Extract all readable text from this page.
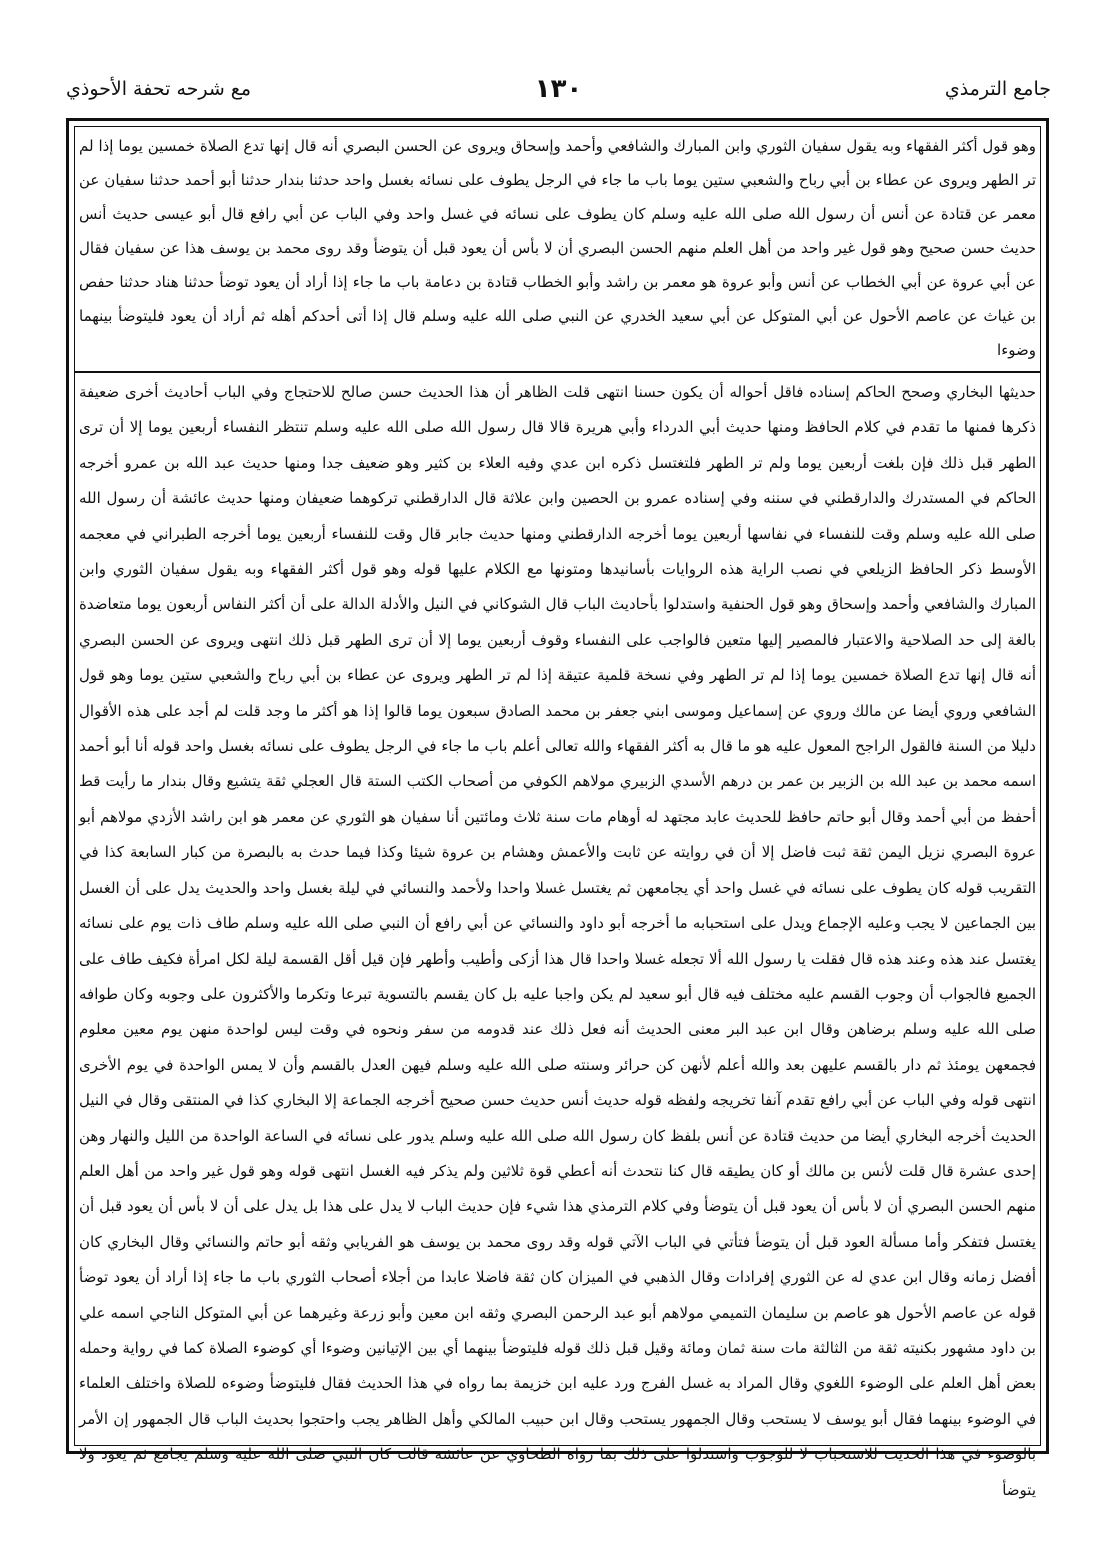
مع شرحه تحفة الأحوذي	١٣٠	جامع الترمذي

وهو قول أكثر الفقهاء وبه يقول سفيان الثوري وابن المبارك والشافعي وأحمد وإسحاق ويروى عن الحسن البصري أنه قال إنها تدع الصلاة خمسين يوما إذا لم تر الطهر ويروى عن عطاء بن أبي رباح والشعبي ستين يوما باب ما جاء في الرجل يطوف على نسائه بغسل واحد حدثنا بندار حدثنا أبو أحمد حدثنا سفيان عن معمر عن قتادة عن أنس أن رسول الله صلى الله عليه وسلم كان يطوف على نسائه في غسل واحد وفي الباب عن أبي رافع قال أبو عيسى حديث أنس حديث حسن صحيح وهو قول غير واحد من أهل العلم منهم الحسن البصري أن لا بأس أن يعود قبل أن يتوضأ وقد روى محمد بن يوسف هذا عن سفيان فقال عن أبي عروة عن أبي الخطاب عن أنس وأبو عروة هو معمر بن راشد وأبو الخطاب قتادة بن دعامة باب ما جاء إذا أراد أن يعود توضأ حدثنا هناد حدثنا حفص بن غياث عن عاصم الأحول عن أبي المتوكل عن أبي سعيد الخدري عن النبي صلى الله عليه وسلم قال إذا أتى أحدكم أهله ثم أراد أن يعود فليتوضأ بينهما وضوءا

حديثها البخاري وصحح الحاكم إسناده فاقل أحواله أن يكون حسنا انتهى قلت الظاهر أن هذا الحديث حسن صالح للاحتجاج وفي الباب أحاديث أخرى ضعيفة ذكرها فمنها ما تقدم في كلام الحافظ ومنها حديث أبي الدرداء وأبي هريرة قالا قال رسول الله صلى الله عليه وسلم تنتظر النفساء أربعين يوما إلا أن ترى الطهر قبل ذلك فإن بلغت أربعين يوما ولم تر الطهر فلتغتسل ذكره ابن عدي وفيه العلاء بن كثير وهو ضعيف جدا ومنها حديث عبد الله بن عمرو أخرجه الحاكم في المستدرك والدارقطني في سننه وفي إسناده عمرو بن الحصين وابن علاثة قال الدارقطني تركوهما ضعيفان ومنها حديث عائشة أن رسول الله صلى الله عليه وسلم وقت للنفساء في نفاسها أربعين يوما أخرجه الدارقطني ومنها حديث جابر قال وقت للنفساء أربعين يوما أخرجه الطبراني في معجمه الأوسط ذكر الحافظ الزيلعي في نصب الراية هذه الروايات بأسانيدها ومتونها مع الكلام عليها قوله وهو قول أكثر الفقهاء وبه يقول سفيان الثوري وابن المبارك والشافعي وأحمد وإسحاق وهو قول الحنفية واستدلوا بأحاديث الباب قال الشوكاني في النيل والأدلة الدالة على أن أكثر النفاس أربعون يوما متعاضدة بالغة إلى حد الصلاحية والاعتبار فالمصير إليها متعين فالواجب على النفساء وقوف أربعين يوما إلا أن ترى الطهر قبل ذلك انتهى ويروى عن الحسن البصري أنه قال إنها تدع الصلاة خمسين يوما إذا لم تر الطهر وفي نسخة قلمية عتيقة إذا لم تر الطهر ويروى عن عطاء بن أبي رباح والشعبي ستين يوما وهو قول الشافعي وروي أيضا عن مالك وروي عن إسماعيل وموسى ابني جعفر بن محمد الصادق سبعون يوما قالوا إذا هو أكثر ما وجد قلت لم أجد على هذه الأقوال دليلا من السنة فالقول الراجح المعول عليه هو ما قال به أكثر الفقهاء والله تعالى أعلم باب ما جاء في الرجل يطوف على نسائه بغسل واحد قوله أنا أبو أحمد اسمه محمد بن عبد الله بن الزبير بن عمر بن درهم الأسدي الزبيري مولاهم الكوفي من أصحاب الكتب الستة قال العجلي ثقة يتشيع وقال بندار ما رأيت قط أحفظ من أبي أحمد وقال أبو حاتم حافظ للحديث عابد مجتهد له أوهام مات سنة ثلاث ومائتين أنا سفيان هو الثوري عن معمر هو ابن راشد الأزدي مولاهم أبو عروة البصري نزيل اليمن ثقة ثبت فاضل إلا أن في روايته عن ثابت والأعمش وهشام بن عروة شيئا وكذا فيما حدث به بالبصرة من كبار السابعة كذا في التقريب قوله كان يطوف على نسائه في غسل واحد أي يجامعهن ثم يغتسل غسلا واحدا ولأحمد والنسائي في ليلة بغسل واحد والحديث يدل على أن الغسل بين الجماعين لا يجب وعليه الإجماع ويدل على استحبابه ما أخرجه أبو داود والنسائي عن أبي رافع أن النبي صلى الله عليه وسلم طاف ذات يوم على نسائه يغتسل عند هذه وعند هذه قال فقلت يا رسول الله ألا تجعله غسلا واحدا قال هذا أزكى وأطيب وأطهر فإن قيل أقل القسمة ليلة لكل امرأة فكيف طاف على الجميع فالجواب أن وجوب القسم عليه مختلف فيه قال أبو سعيد لم يكن واجبا عليه بل كان يقسم بالتسوية تبرعا وتكرما والأكثرون على وجوبه وكان طوافه صلى الله عليه وسلم برضاهن وقال ابن عبد البر معنى الحديث أنه فعل ذلك عند قدومه من سفر ونحوه في وقت ليس لواحدة منهن يوم معين معلوم فجمعهن يومئذ ثم دار بالقسم عليهن بعد والله أعلم لأنهن كن حرائر وسنته صلى الله عليه وسلم فيهن العدل بالقسم وأن لا يمس الواحدة في يوم الأخرى انتهى قوله وفي الباب عن أبي رافع تقدم آنفا تخريجه ولفظه قوله حديث أنس حديث حسن صحيح أخرجه الجماعة إلا البخاري كذا في المنتقى وقال في النيل الحديث أخرجه البخاري أيضا من حديث قتادة عن أنس بلفظ كان رسول الله صلى الله عليه وسلم يدور على نسائه في الساعة الواحدة من الليل والنهار وهن إحدى عشرة قال قلت لأنس بن مالك أو كان يطيقه قال كنا نتحدث أنه أعطي قوة ثلاثين ولم يذكر فيه الغسل انتهى قوله وهو قول غير واحد من أهل العلم منهم الحسن البصري أن لا بأس أن يعود قبل أن يتوضأ وفي كلام الترمذي هذا شيء فإن حديث الباب لا يدل على هذا بل يدل على أن لا بأس أن يعود قبل أن يغتسل فتفكر وأما مسألة العود قبل أن يتوضأ فتأتي في الباب الآتي قوله وقد روى محمد بن يوسف هو الفريابي وثقه أبو حاتم والنسائي وقال البخاري كان أفضل زمانه وقال ابن عدي له عن الثوري إفرادات وقال الذهبي في الميزان كان ثقة فاضلا عابدا من أجلاء أصحاب الثوري باب ما جاء إذا أراد أن يعود توضأ قوله عن عاصم الأحول هو عاصم بن سليمان التميمي مولاهم أبو عبد الرحمن البصري وثقه ابن معين وأبو زرعة وغيرهما عن أبي المتوكل الناجي اسمه علي بن داود مشهور بكنيته ثقة من الثالثة مات سنة ثمان ومائة وقيل قبل ذلك قوله فليتوضأ بينهما أي بين الإتيانين وضوءا أي كوضوء الصلاة كما في رواية وحمله بعض أهل العلم على الوضوء اللغوي وقال المراد به غسل الفرج ورد عليه ابن خزيمة بما رواه في هذا الحديث فقال فليتوضأ وضوءه للصلاة واختلف العلماء في الوضوء بينهما فقال أبو يوسف لا يستحب وقال الجمهور يستحب وقال ابن حبيب المالكي وأهل الظاهر يجب واحتجوا بحديث الباب قال الجمهور إن الأمر بالوضوء في هذا الحديث للاستحباب لا للوجوب واستدلوا على ذلك بما رواه الطحاوي عن عائشة قالت كان النبي صلى الله عليه وسلم يجامع ثم يعود ولا يتوضأ
